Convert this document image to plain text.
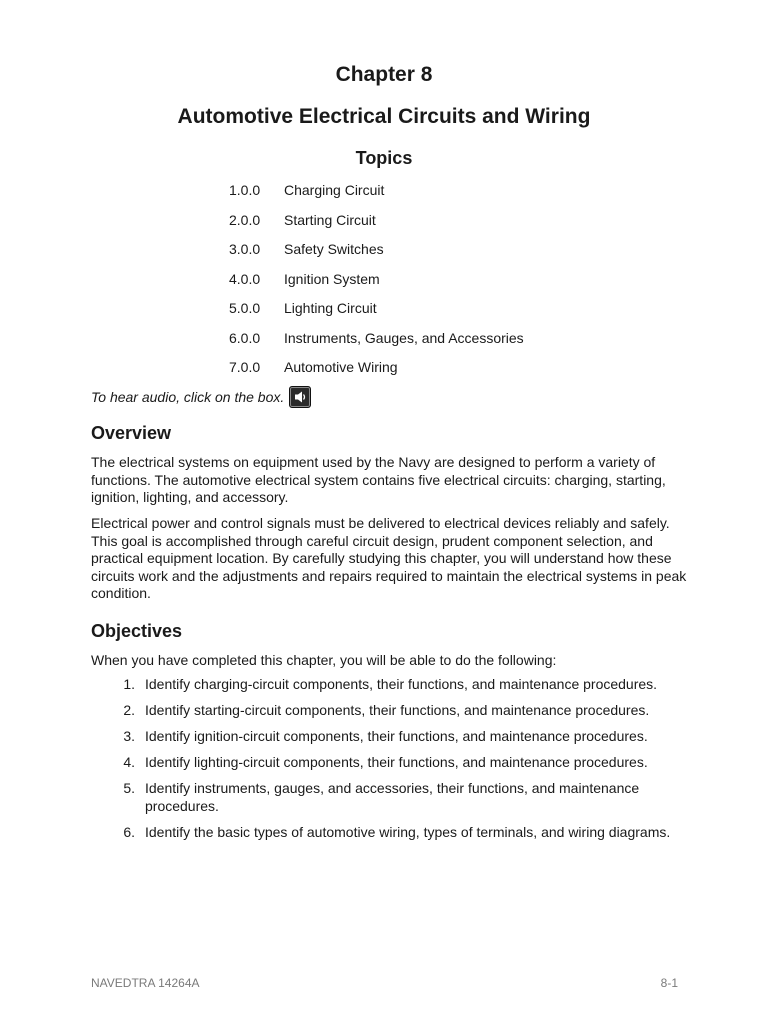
Chapter 8
Automotive Electrical Circuits and Wiring
Topics
1.0.0 Charging Circuit
2.0.0 Starting Circuit
3.0.0 Safety Switches
4.0.0 Ignition System
5.0.0 Lighting Circuit
6.0.0 Instruments, Gauges, and Accessories
7.0.0 Automotive Wiring
To hear audio, click on the box.
Overview

The electrical systems on equipment used by the Navy are designed to perform a variety of functions. The automotive electrical system contains five electrical circuits: charging, starting, ignition, lighting, and accessory.

Electrical power and control signals must be delivered to electrical devices reliably and safely. This goal is accomplished through careful circuit design, prudent component selection, and practical equipment location. By carefully studying this chapter, you will understand how these circuits work and the adjustments and repairs required to maintain the electrical systems in peak condition.

Objectives

When you have completed this chapter, you will be able to do the following:

1. Identify charging-circuit components, their functions, and maintenance procedures.
2. Identify starting-circuit components, their functions, and maintenance procedures.
3. Identify ignition-circuit components, their functions, and maintenance procedures.
4. Identify lighting-circuit components, their functions, and maintenance procedures.
5. Identify instruments, gauges, and accessories, their functions, and maintenance procedures.
6. Identify the basic types of automotive wiring, types of terminals, and wiring diagrams.
NAVEDTRA 14264A	8-1
